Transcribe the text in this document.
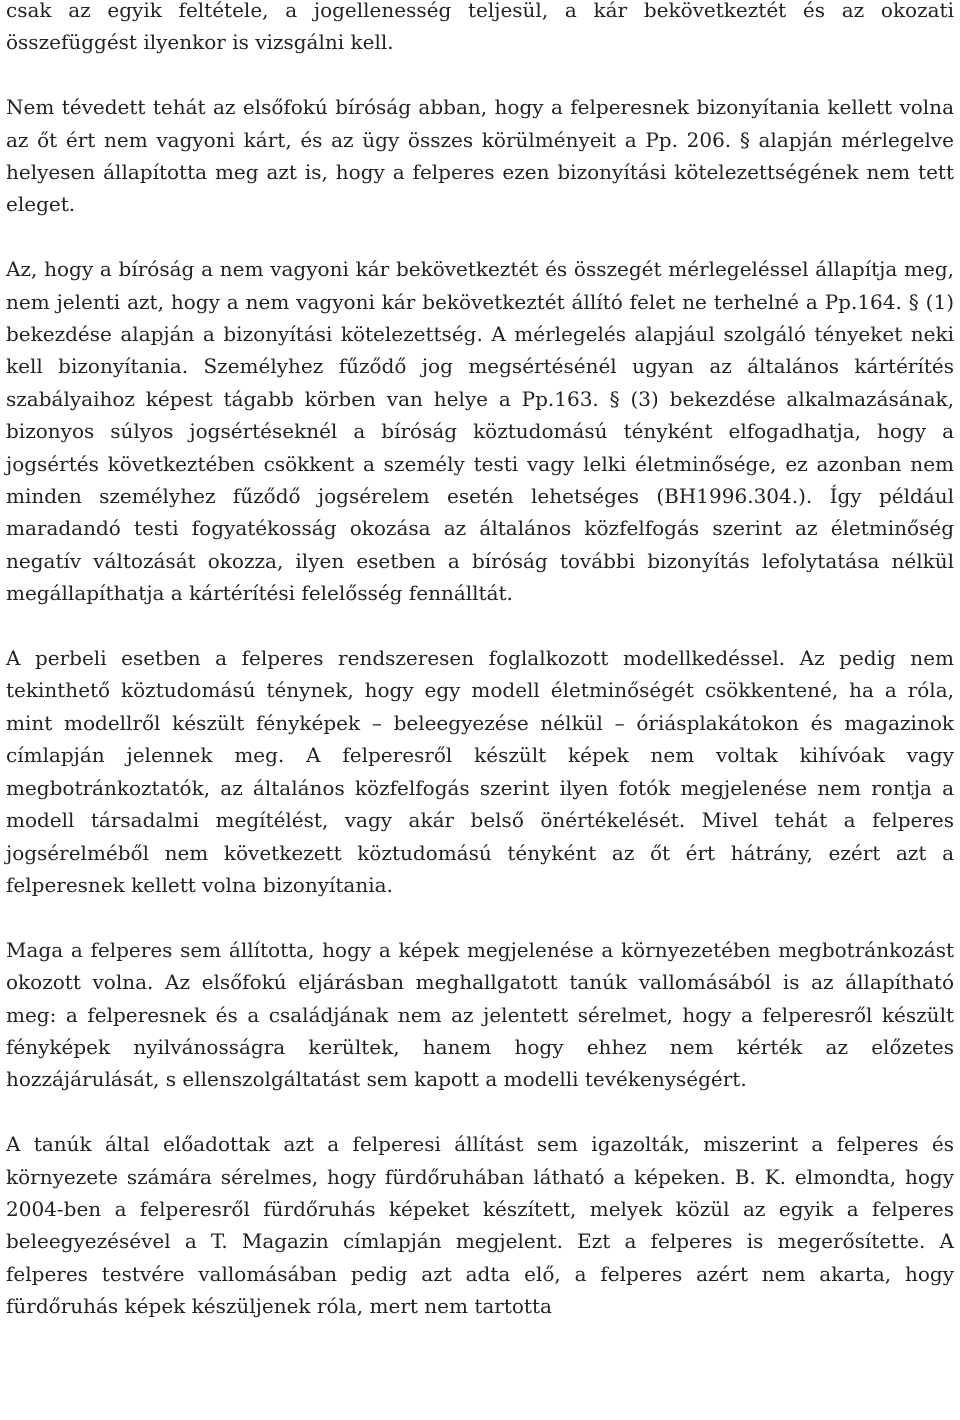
csak az egyik feltétele, a jogellenesség teljesül, a kár bekövetkeztét és az okozati összefüggést ilyenkor is vizsgálni kell.

Nem tévedett tehát az elsőfokú bíróság abban, hogy a felperesnek bizonyítania kellett volna az őt ért nem vagyoni kárt, és az ügy összes körülményeit a Pp. 206. § alapján mérlegelve helyesen állapította meg azt is, hogy a felperes ezen bizonyítási kötelezettségének nem tett eleget.

Az, hogy a bíróság a nem vagyoni kár bekövetkeztét és összegét mérlegeléssel állapítja meg, nem jelenti azt, hogy a nem vagyoni kár bekövetkeztét állító felet ne terhelné a Pp.164. § (1) bekezdése alapján a bizonyítási kötelezettség. A mérlegelés alapjául szolgáló tényeket neki kell bizonyítania. Személyhez fűződő jog megsértésénél ugyan az általános kártérítés szabályaihoz képest tágabb körben van helye a Pp.163. § (3) bekezdése alkalmazásának, bizonyos súlyos jogsértéseknél a bíróság köztudomású tényként elfogadhatja, hogy a jogsértés következtében csökkent a személy testi vagy lelki életminősége, ez azonban nem minden személyhez fűződő jogsérelem esetén lehetséges (BH1996.304.). Így például maradandó testi fogyatékosság okozása az általános közfelfogás szerint az életminőség negatív változását okozza, ilyen esetben a bíróság további bizonyítás lefolytatása nélkül megállapíthatja a kártérítési felelősség fennálltát.

A perbeli esetben a felperes rendszeresen foglalkozott modellkedéssel. Az pedig nem tekinthető köztudomású ténynek, hogy egy modell életminőségét csökkentené, ha a róla, mint modellről készült fényképek – beleegyezése nélkül – óriásplakátokon és magazinok címlapján jelennek meg. A felperesről készült képek nem voltak kihívóak vagy megbotránkoztatók, az általános közfelfogás szerint ilyen fotók megjelenése nem rontja a modell társadalmi megítélést, vagy akár belső önértékelését. Mivel tehát a felperes jogsérelméből nem következett köztudomású tényként az őt ért hátrány, ezért azt a felperesnek kellett volna bizonyítania.

Maga a felperes sem állította, hogy a képek megjelenése a környezetében megbotránkozást okozott volna. Az elsőfokú eljárásban meghallgatott tanúk vallomásából is az állapítható meg: a felperesnek és a családjának nem az jelentett sérelmet, hogy a felperesről készült fényképek nyilvánosságra kerültek, hanem hogy ehhez nem kérték az előzetes hozzájárulását, s ellenszolgáltatást sem kapott a modelli tevékenységért.

A tanúk által előadottak azt a felperesi állítást sem igazolták, miszerint a felperes és környezete számára sérelmes, hogy fürdőruhában látható a képeken. B. K. elmondta, hogy 2004-ben a felperesről fürdőruhás képeket készített, melyek közül az egyik a felperes beleegyezésével a T. Magazin címlapján megjelent. Ezt a felperes is megerősítette. A felperes testvére vallomásában pedig azt adta elő, a felperes azért nem akarta, hogy fürdőruhás képek készüljenek róla, mert nem tartotta
